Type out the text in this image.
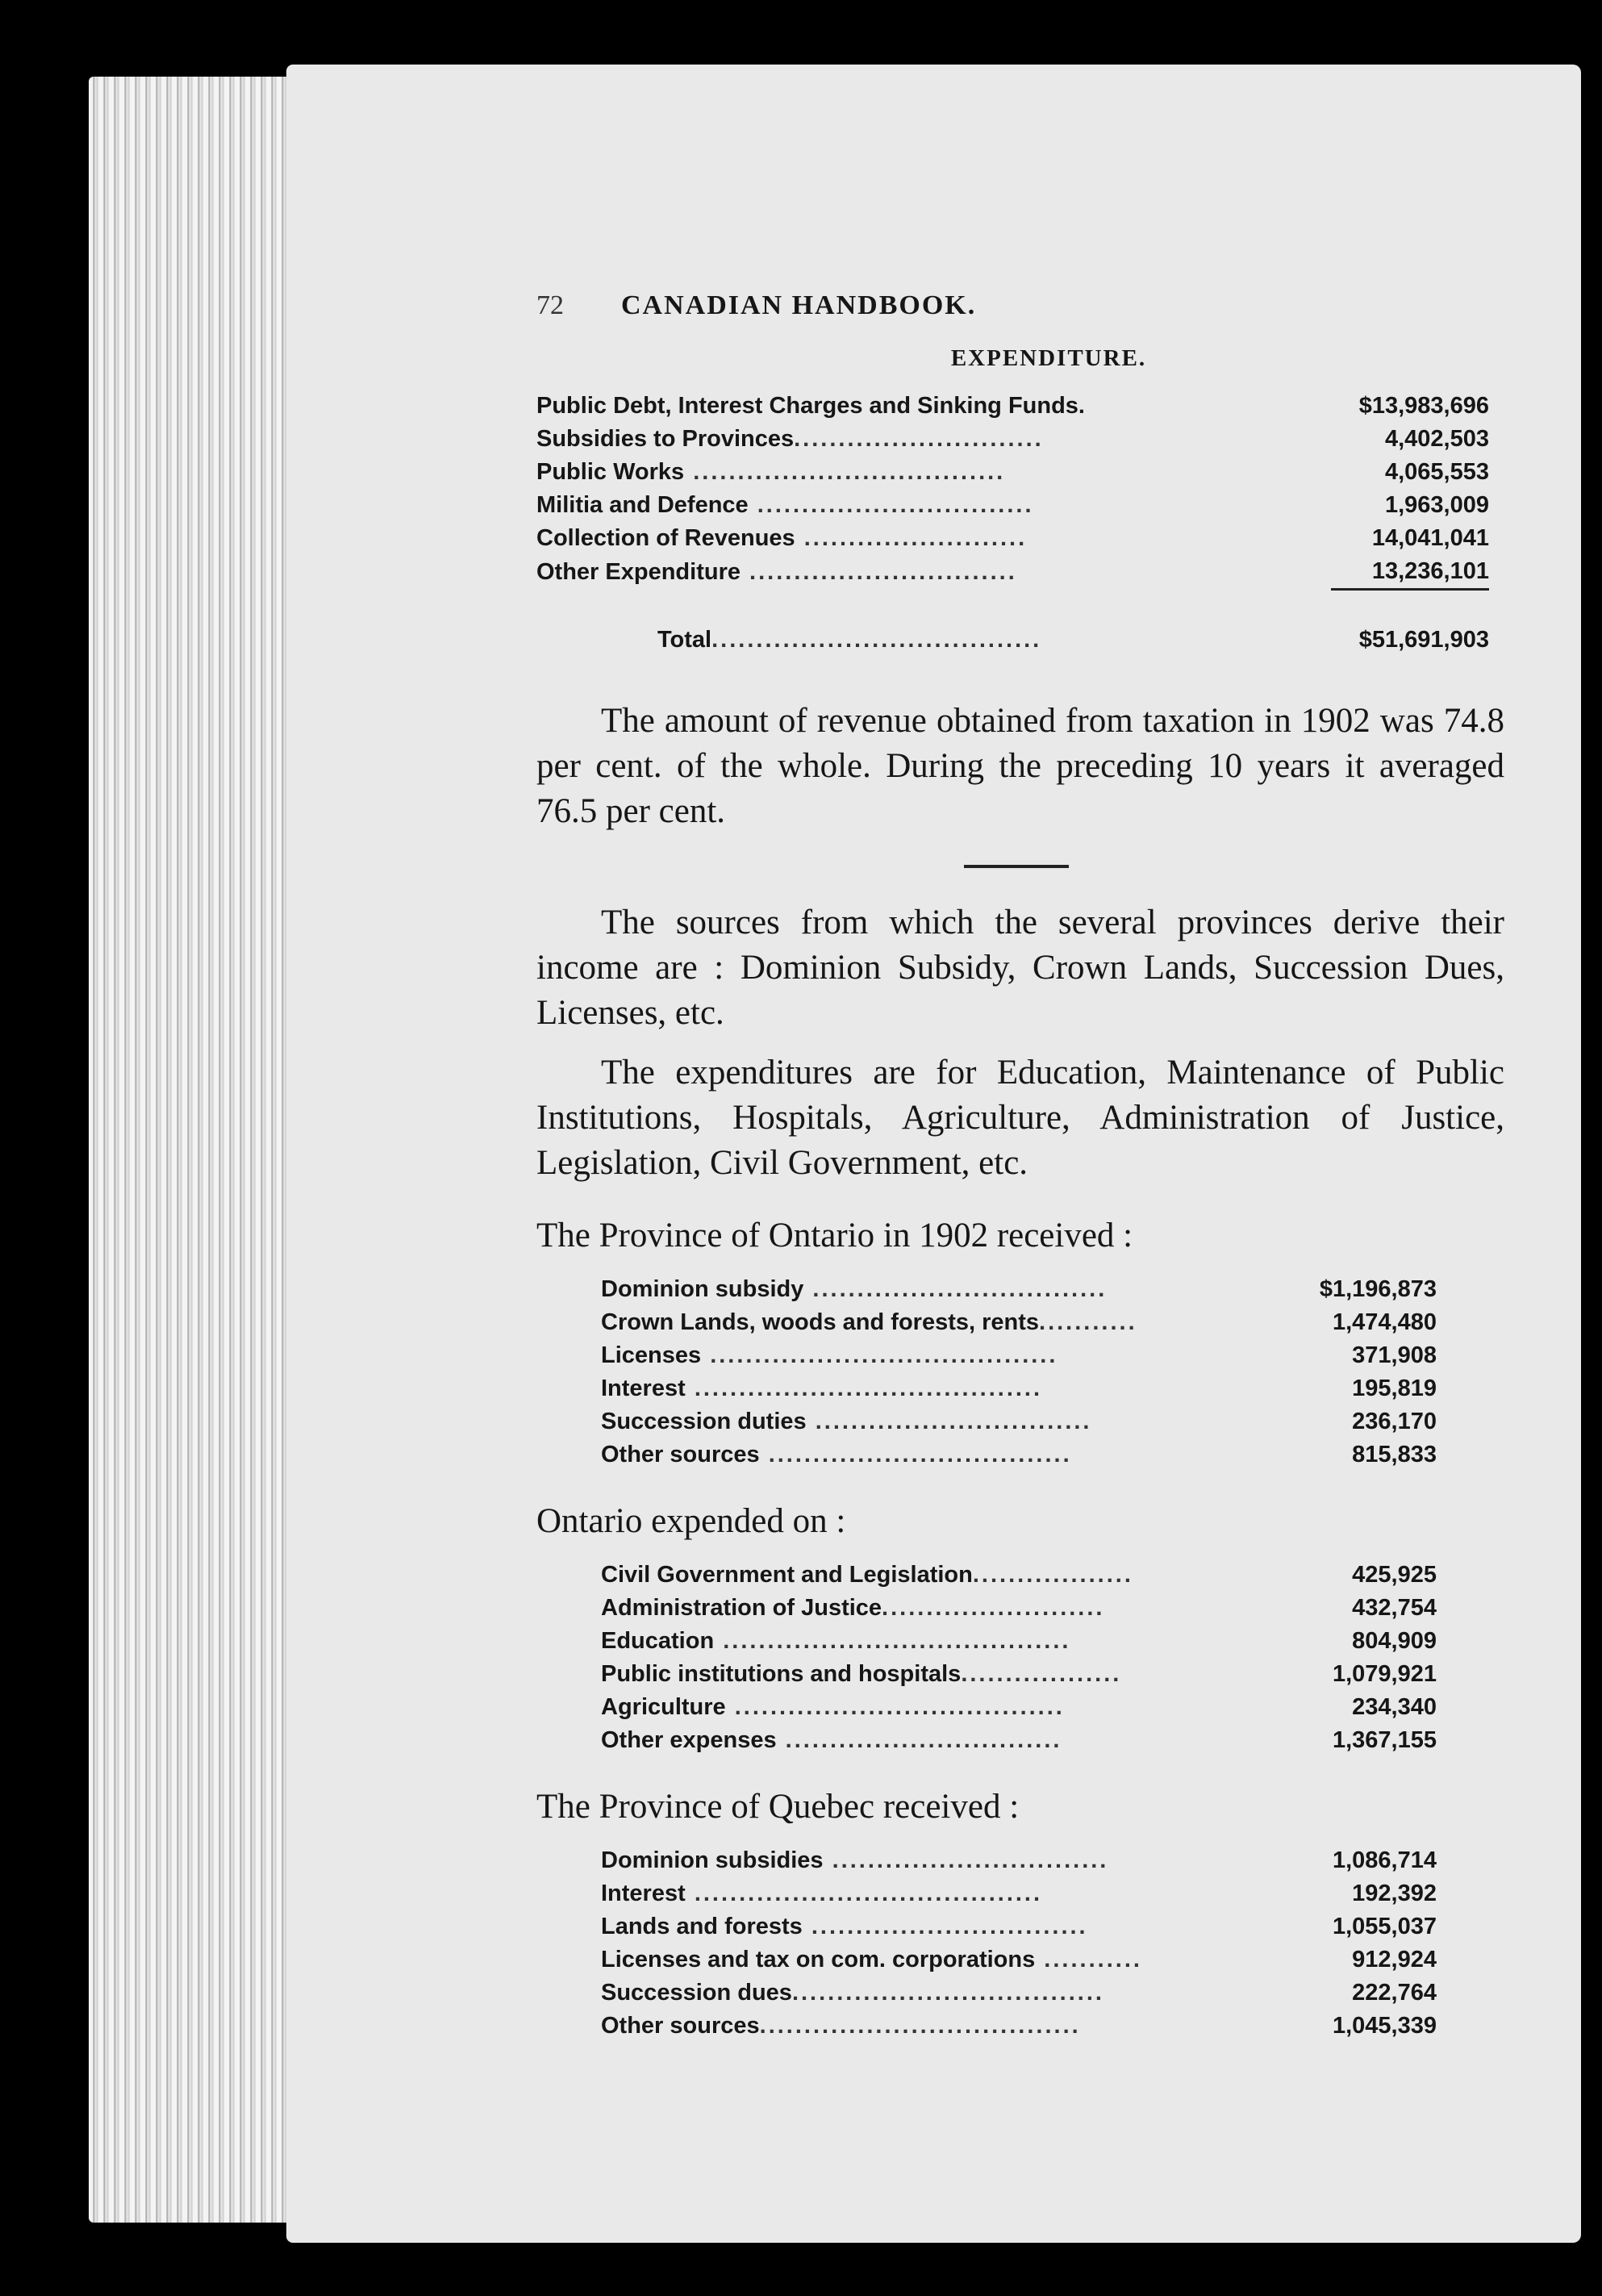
72	CANADIAN HANDBOOK.
EXPENDITURE.
Public Debt, Interest Charges and Sinking Funds.	$13,983,696
Subsidies to Provinces............................	4,402,503
Public Works ...................................	4,065,553
Militia and Defence ...............................	1,963,009
Collection of Revenues .........................	14,041,041
Other Expenditure ..............................	13,236,101

Total.....................................	$51,691,903

The amount of revenue obtained from taxation in 1902 was 74.8 per cent. of the whole. During the preceding 10 years it averaged 76.5 per cent.

The sources from which the several provinces derive their income are : Dominion Subsidy, Crown Lands, Succession Dues, Licenses, etc.

The expenditures are for Education, Maintenance of Public Institutions, Hospitals, Agriculture, Administration of Justice, Legislation, Civil Government, etc.

The Province of Ontario in 1902 received :

Dominion subsidy .................................	$1,196,873
Crown Lands, woods and forests, rents...........	1,474,480
Licenses .......................................	371,908
Interest .......................................	195,819
Succession duties ...............................	236,170
Other sources ..................................	815,833

Ontario expended on :

Civil Government and Legislation..................	425,925
Administration of Justice.........................	432,754
Education .......................................	804,909
Public institutions and hospitals..................	1,079,921
Agriculture .....................................	234,340
Other expenses ...............................	1,367,155

The Province of Quebec received :

Dominion subsidies ...............................	1,086,714
Interest .......................................	192,392
Lands and forests ...............................	1,055,037
Licenses and tax on com. corporations ...........	912,924
Succession dues...................................	222,764
Other sources....................................	1,045,339
